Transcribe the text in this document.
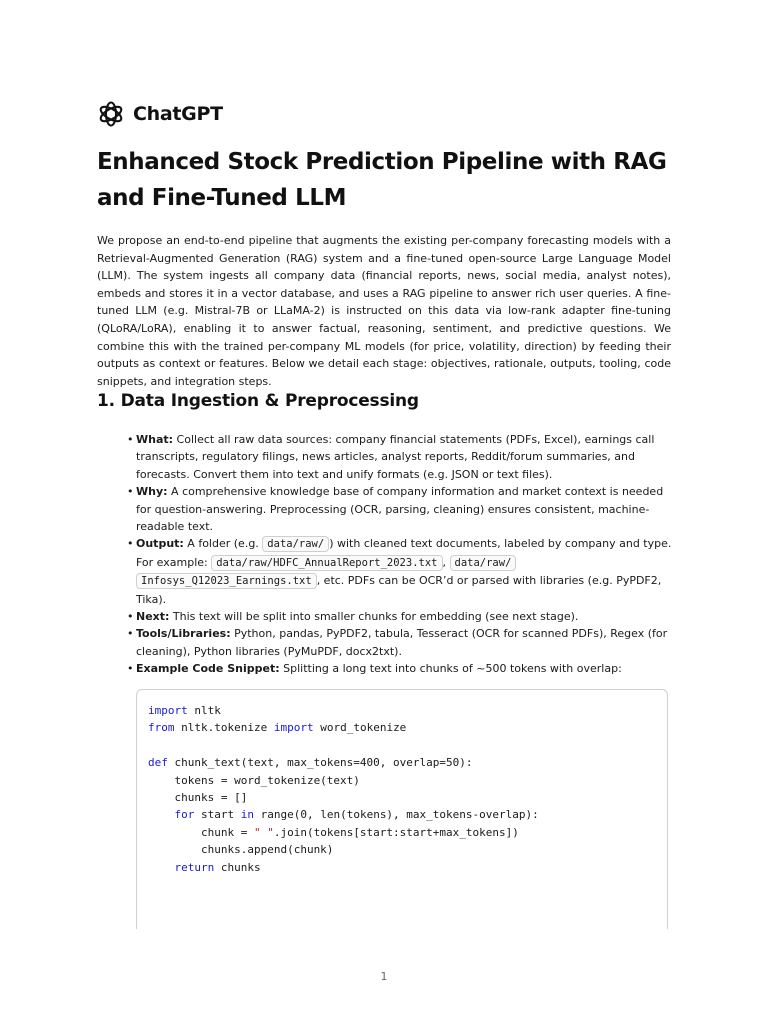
ChatGPT
Enhanced Stock Prediction Pipeline with RAG and Fine-Tuned LLM

We propose an end-to-end pipeline that augments the existing per-company forecasting models with a Retrieval-Augmented Generation (RAG) system and a fine-tuned open-source Large Language Model (LLM). The system ingests all company data (financial reports, news, social media, analyst notes), embeds and stores it in a vector database, and uses a RAG pipeline to answer rich user queries. A fine-tuned LLM (e.g. Mistral-7B or LLaMA-2) is instructed on this data via low-rank adapter fine-tuning (QLoRA/LoRA), enabling it to answer factual, reasoning, sentiment, and predictive questions. We combine this with the trained per-company ML models (for price, volatility, direction) by feeding their outputs as context or features. Below we detail each stage: objectives, rationale, outputs, tooling, code snippets, and integration steps.

1. Data Ingestion & Preprocessing
• What: Collect all raw data sources: company financial statements (PDFs, Excel), earnings call transcripts, regulatory filings, news articles, analyst reports, Reddit/forum summaries, and forecasts. Convert them into text and unify formats (e.g. JSON or text files).
• Why: A comprehensive knowledge base of company information and market context is needed for question-answering. Preprocessing (OCR, parsing, cleaning) ensures consistent, machine-readable text.
• Output: A folder (e.g. data/raw/ ) with cleaned text documents, labeled by company and type. For example: data/raw/HDFC_AnnualReport_2023.txt , data/raw/
Infosys_Q12023_Earnings.txt , etc. PDFs can be OCR’d or parsed with libraries (e.g. PyPDF2, Tika).
• Next: This text will be split into smaller chunks for embedding (see next stage).
• Tools/Libraries: Python, pandas, PyPDF2, tabula, Tesseract (OCR for scanned PDFs), Regex (for cleaning), Python libraries (PyMuPDF, docx2txt).
• Example Code Snippet: Splitting a long text into chunks of ~500 tokens with overlap:
import nltk
from nltk.tokenize import word_tokenize

def chunk_text(text, max_tokens=400, overlap=50):
tokens = word_tokenize(text)
chunks = []
for start in range(0, len(tokens), max_tokens-overlap):
chunk = " ".join(tokens[start:start+max_tokens])
chunks.append(chunk)
return chunks
1
